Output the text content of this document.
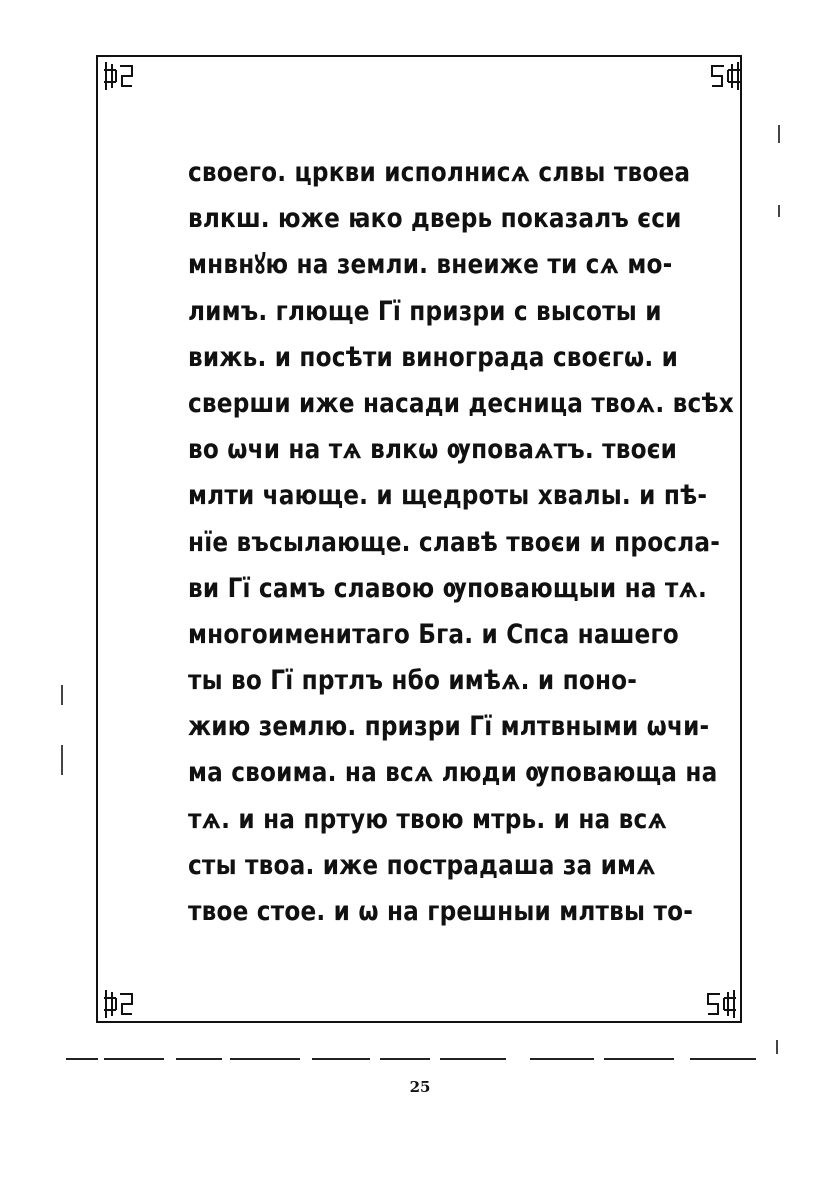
своего. цркви исполнисѧ слвы твоеа
влкш. юже ꙗко дверь показалъ єси
мнвнꙋю на земли. внеиже ти сѧ мо-
лимъ. глюще Гї призри с высоты и
вижь. и посѣти винограда своєгѡ. и
сверши иже насади десница твоѧ. всѣх
во ѡчи на тѧ влкѡ ѹповаѧтъ. твоєи
млти чающе. и щедроты хвалы. и пѣ-
нїе въсылающе. славѣ твоєи и просла-
ви Гї самъ славою ѹповающыи на тѧ.
многоименитаго Бга. и Спса нашего
ты во Гї пртлъ нбо имѣѧ. и поно-
жию землю. призри Гї млтвными ѡчи-
ма своима. на всѧ люди ѹповающа на
тѧ. и на пртую твою мтрь. и на всѧ
сты твоа. иже пострадаша за имѧ
твое стое. и ѡ на грешныи млтвы то-
25
